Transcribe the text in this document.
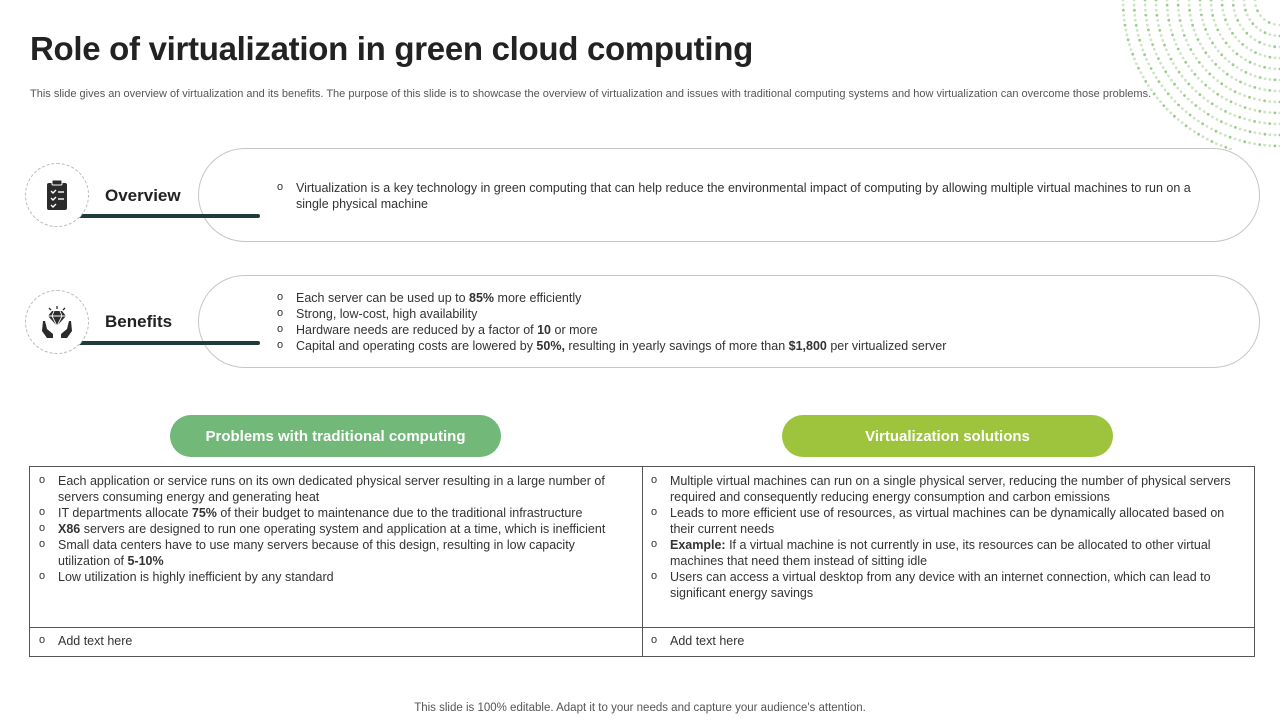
Role of virtualization in green cloud computing
This slide gives an overview of virtualization and its benefits. The purpose of this slide is to showcase the overview of virtualization and issues with traditional computing systems and how virtualization can overcome those problems.
o Virtualization is a key technology in green computing that can help reduce the environmental impact of computing by allowing multiple virtual machines to run on a single physical machine
Overview
o Each server can be used up to 85% more efficiently
o Strong, low-cost, high availability
o Hardware needs are reduced by a factor of 10 or more
o Capital and operating costs are lowered by 50%, resulting in yearly savings of more than $1,800 per virtualized server
Benefits
Problems with traditional computing	Virtualization solutions
o Each application or service runs on its own dedicated physical server resulting in a large number of servers consuming energy and generating heat
o IT departments allocate 75% of their budget to maintenance due to the traditional infrastructure
o X86 servers are designed to run one operating system and application at a time, which is inefficient
o Small data centers have to use many servers because of this design, resulting in low capacity utilization of 5-10%
o Low utilization is highly inefficient by any standard
o Multiple virtual machines can run on a single physical server, reducing the number of physical servers required and consequently reducing energy consumption and carbon emissions
o Leads to more efficient use of resources, as virtual machines can be dynamically allocated based on their current needs
o Example: If a virtual machine is not currently in use, its resources can be allocated to other virtual machines that need them instead of sitting idle
o Users can access a virtual desktop from any device with an internet connection, which can lead to significant energy savings
o Add text here
o	Add text here
This slide is 100% editable. Adapt it to your needs and capture your audience's attention.
